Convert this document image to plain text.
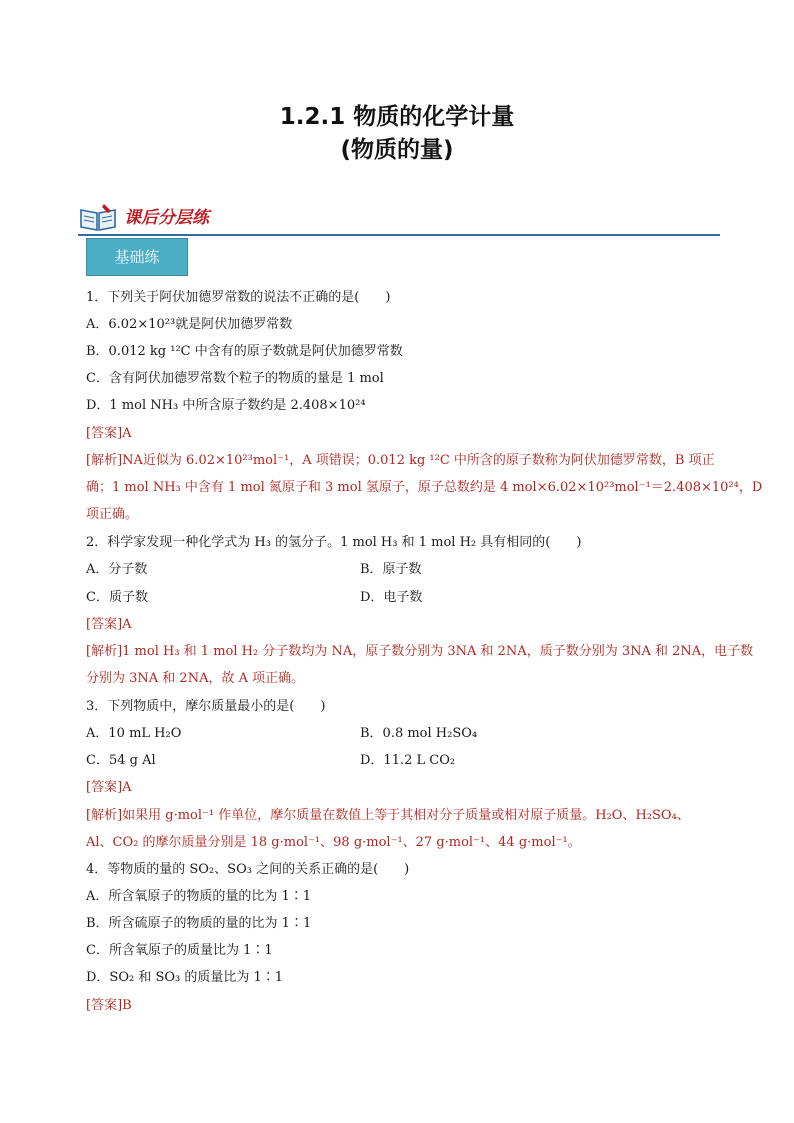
1.2.1 物质的化学计量
(物质的量)
课后分层练
基础练
1．下列关于阿伏加德罗常数的说法不正确的是(　　)
A．6.02×10²³就是阿伏加德罗常数
B．0.012 kg ¹²C 中含有的原子数就是阿伏加德罗常数
C．含有阿伏加德罗常数个粒子的物质的量是 1 mol
D．1 mol NH₃ 中所含原子数约是 2.408×10²⁴
[答案]A
[解析]NA近似为 6.02×10²³mol⁻¹，A 项错误；0.012 kg ¹²C 中所含的原子数称为阿伏加德罗常数，B 项正
确；1 mol NH₃ 中含有 1 mol 氮原子和 3 mol 氢原子，原子总数约是 4 mol×6.02×10²³mol⁻¹＝2.408×10²⁴，D
项正确。
2．科学家发现一种化学式为 H₃ 的氢分子。1 mol H₃ 和 1 mol H₂ 具有相同的(　　)
A．分子数	B．原子数
C．质子数	D．电子数
[答案]A
[解析]1 mol H₃ 和 1 mol H₂ 分子数均为 NA，原子数分别为 3NA 和 2NA，质子数分别为 3NA 和 2NA，电子数
分别为 3NA 和 2NA，故 A 项正确。
3．下列物质中，摩尔质量最小的是(　　)
A．10 mL H₂O	B．0.8 mol H₂SO₄
C．54 g Al	D．11.2 L CO₂
[答案]A
[解析]如果用 g·mol⁻¹ 作单位，摩尔质量在数值上等于其相对分子质量或相对原子质量。H₂O、H₂SO₄、
Al、CO₂ 的摩尔质量分别是 18 g·mol⁻¹、98 g·mol⁻¹、27 g·mol⁻¹、44 g·mol⁻¹。
4．等物质的量的 SO₂、SO₃ 之间的关系正确的是(　　)
A．所含氧原子的物质的量的比为 1∶1
B．所含硫原子的物质的量的比为 1∶1
C．所含氧原子的质量比为 1∶1
D．SO₂ 和 SO₃ 的质量比为 1∶1
[答案]B
